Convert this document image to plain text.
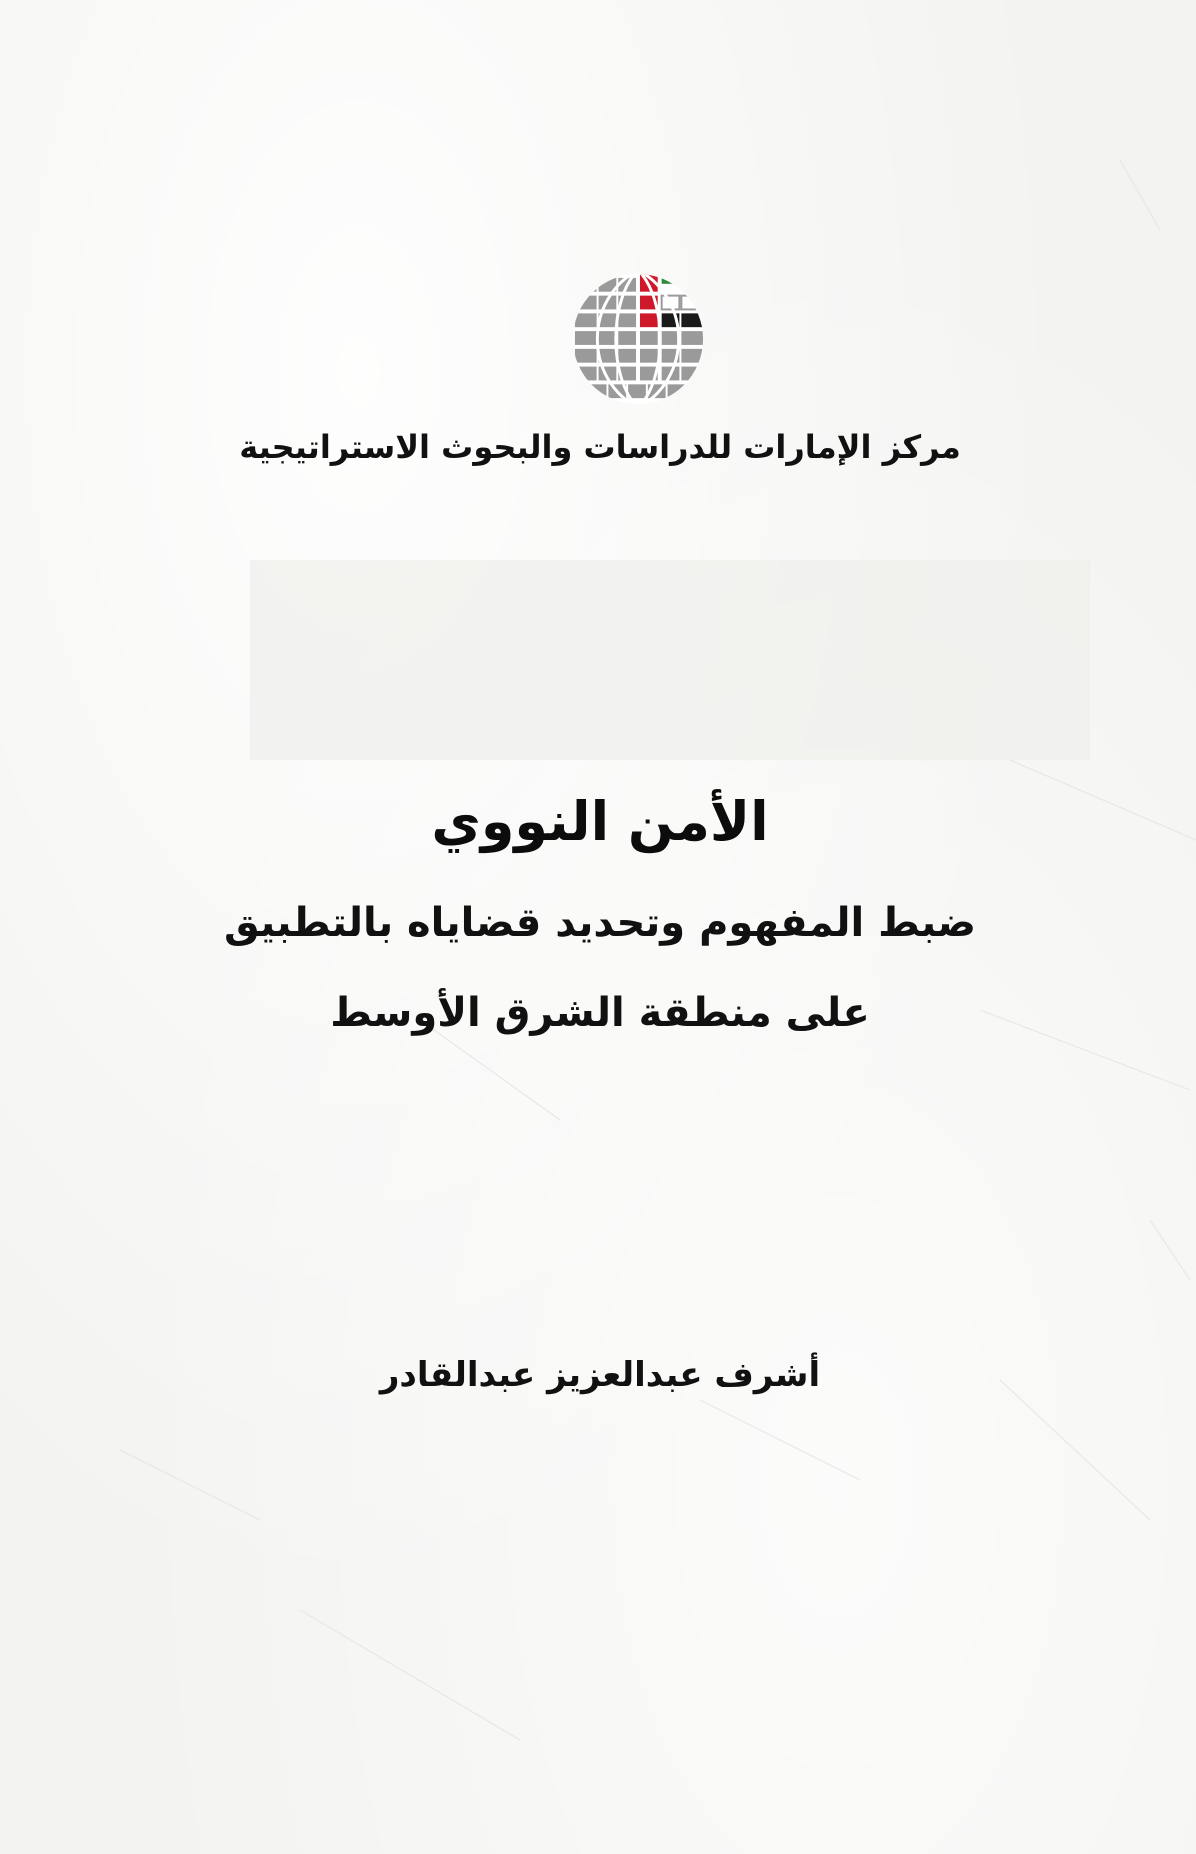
مركز الإمارات للدراسات والبحوث الاستراتيجية
الأمن النووي
ضبط المفهوم وتحديد قضاياه بالتطبيق
على منطقة الشرق الأوسط
أشرف عبدالعزيز عبدالقادر
